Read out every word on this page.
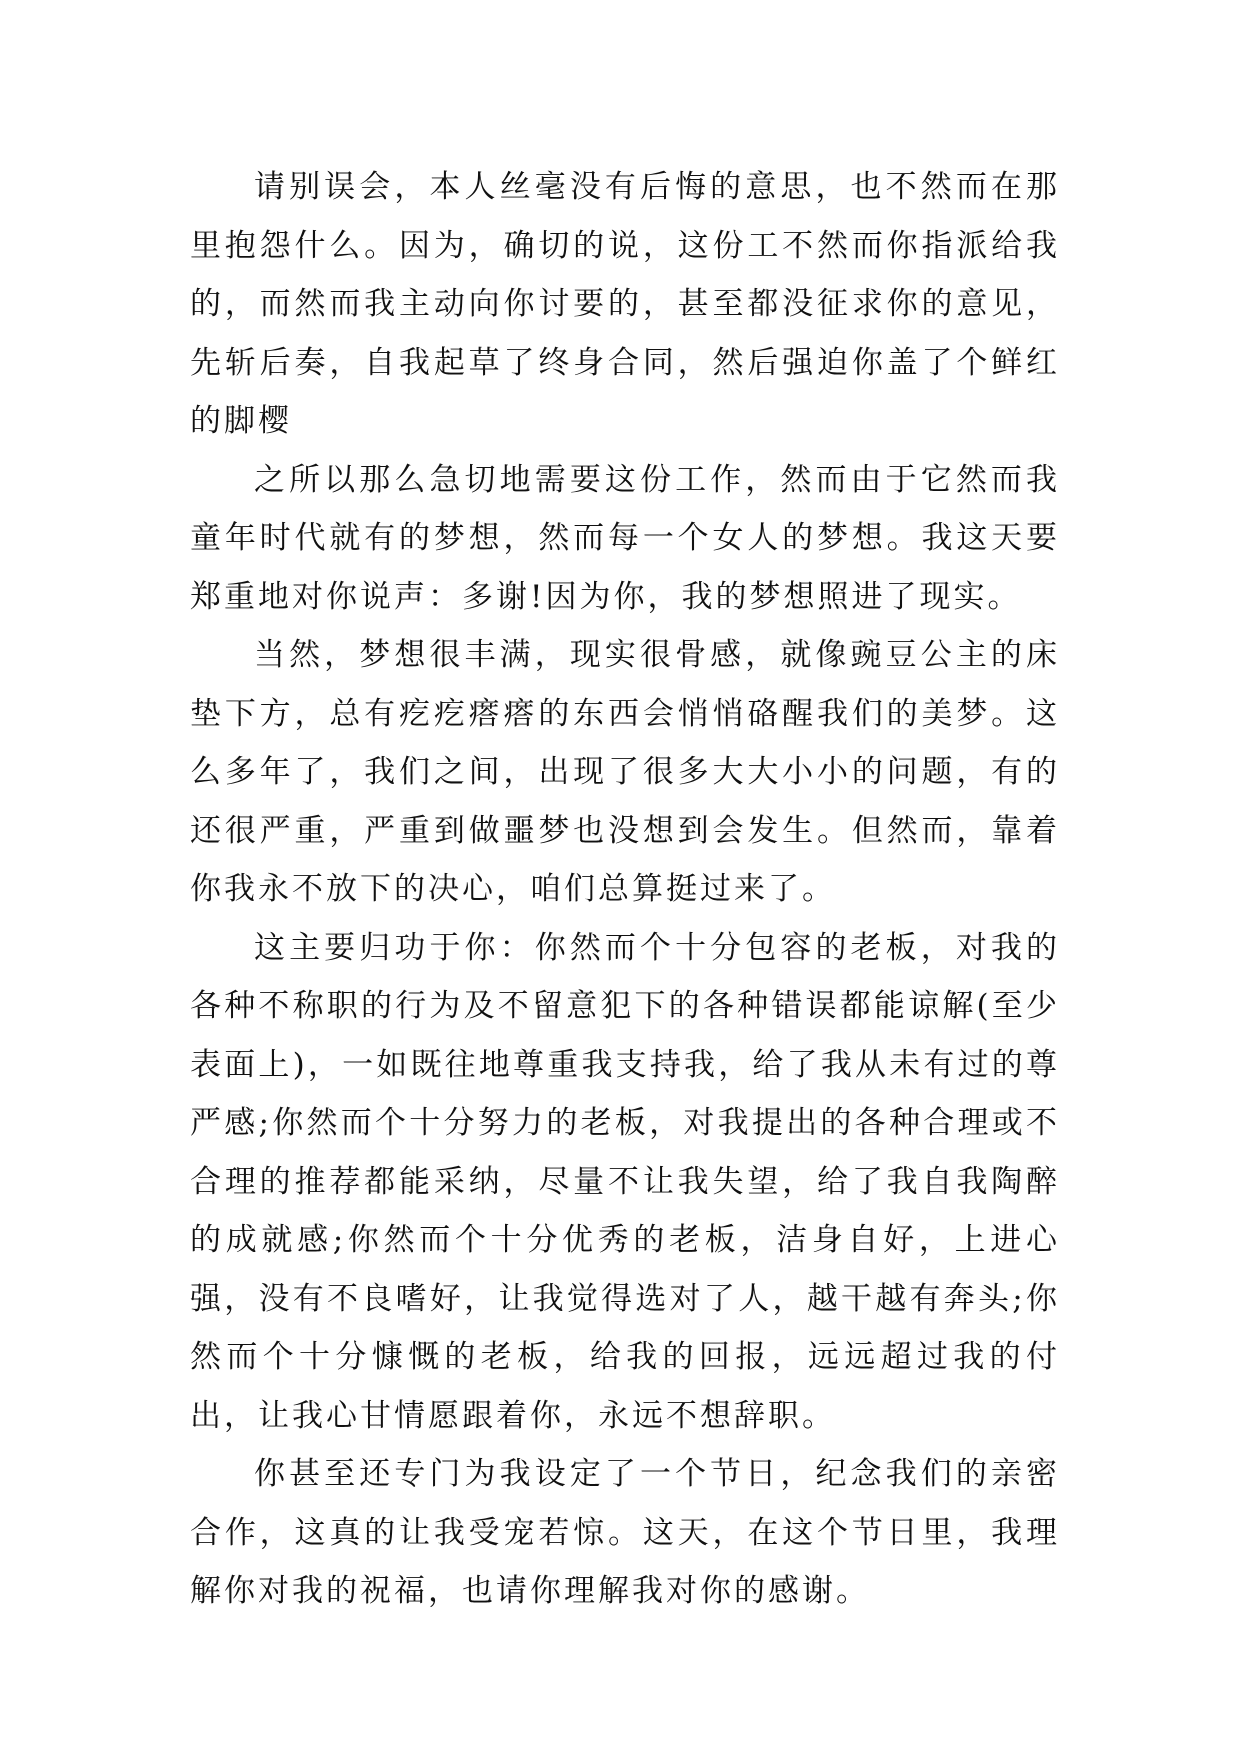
请别误会，本人丝毫没有后悔的意思，也不然而在那里抱怨什么。因为，确切的说，这份工不然而你指派给我的，而然而我主动向你讨要的，甚至都没征求你的意见，先斩后奏，自我起草了终身合同，然后强迫你盖了个鲜红的脚樱

之所以那么急切地需要这份工作，然而由于它然而我童年时代就有的梦想，然而每一个女人的梦想。我这天要郑重地对你说声：多谢!因为你，我的梦想照进了现实。

当然，梦想很丰满，现实很骨感，就像豌豆公主的床垫下方，总有疙疙瘩瘩的东西会悄悄硌醒我们的美梦。这么多年了，我们之间，出现了很多大大小小的问题，有的还很严重，严重到做噩梦也没想到会发生。但然而，靠着你我永不放下的决心，咱们总算挺过来了。

这主要归功于你：你然而个十分包容的老板，对我的各种不称职的行为及不留意犯下的各种错误都能谅解(至少表面上)，一如既往地尊重我支持我，给了我从未有过的尊严感;你然而个十分努力的老板，对我提出的各种合理或不合理的推荐都能采纳，尽量不让我失望，给了我自我陶醉的成就感;你然而个十分优秀的老板，洁身自好，上进心强，没有不良嗜好，让我觉得选对了人，越干越有奔头;你然而个十分慷慨的老板，给我的回报，远远超过我的付出，让我心甘情愿跟着你，永远不想辞职。

你甚至还专门为我设定了一个节日，纪念我们的亲密合作，这真的让我受宠若惊。这天，在这个节日里，我理解你对我的祝福，也请你理解我对你的感谢。
